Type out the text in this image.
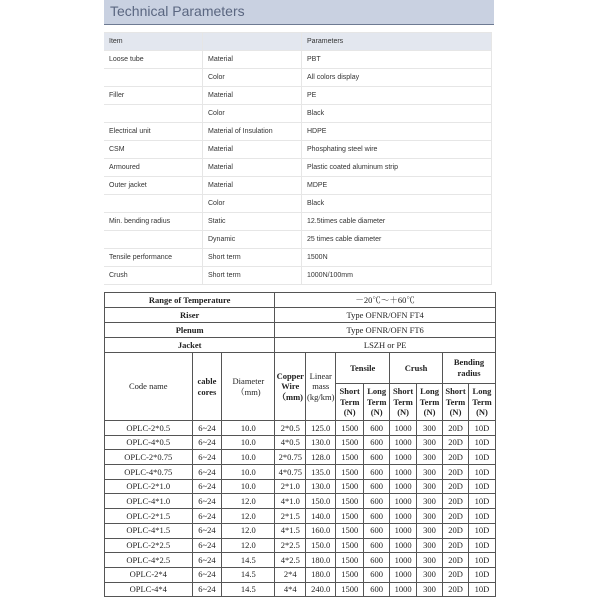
Technical Parameters
Item		Parameters
Loose tube	Material	PBT
	Color	All colors display
Filler	Material	PE
	Color	Black
Electrical unit	Material of Insulation	HDPE
CSM	Material	Phosphating steel wire
Armoured	Material	Plastic coated aluminum strip
Outer jacket	Material	MDPE
	Color	Black
Min. bending radius	Static	12.5times cable diameter
	Dynamic	25 times cable diameter
Tensile performance	Short term	1500N
Crush	Short term	1000N/100mm
Range of Temperature			－20℃～＋60℃							
Riser			Type OFNR/OFN FT4							
Plenum			Type OFNR/OFN FT6							
Jacket			LSZH or PE							
Code name	cable cores	Diameter（mm)	Copper Wire（mm)	Linear mass (kg/km)	Tensile		Crush		Bending radius	
					Short Term (N)	Long Term (N)	Short Term (N)	Long Term (N)	Short Term (N)	Long Term (N)
OPLC-2*0.5	6~24	10.0	2*0.5	125.0	1500	600	1000	300	20D	10D
OPLC-4*0.5	6~24	10.0	4*0.5	130.0	1500	600	1000	300	20D	10D
OPLC-2*0.75	6~24	10.0	2*0.75	128.0	1500	600	1000	300	20D	10D
OPLC-4*0.75	6~24	10.0	4*0.75	135.0	1500	600	1000	300	20D	10D
OPLC-2*1.0	6~24	10.0	2*1.0	130.0	1500	600	1000	300	20D	10D
OPLC-4*1.0	6~24	12.0	4*1.0	150.0	1500	600	1000	300	20D	10D
OPLC-2*1.5	6~24	12.0	2*1.5	140.0	1500	600	1000	300	20D	10D
OPLC-4*1.5	6~24	12.0	4*1.5	160.0	1500	600	1000	300	20D	10D
OPLC-2*2.5	6~24	12.0	2*2.5	150.0	1500	600	1000	300	20D	10D
OPLC-4*2.5	6~24	14.5	4*2.5	180.0	1500	600	1000	300	20D	10D
OPLC-2*4	6~24	14.5	2*4	180.0	1500	600	1000	300	20D	10D
OPLC-4*4	6~24	14.5	4*4	240.0	1500	600	1000	300	20D	10D
